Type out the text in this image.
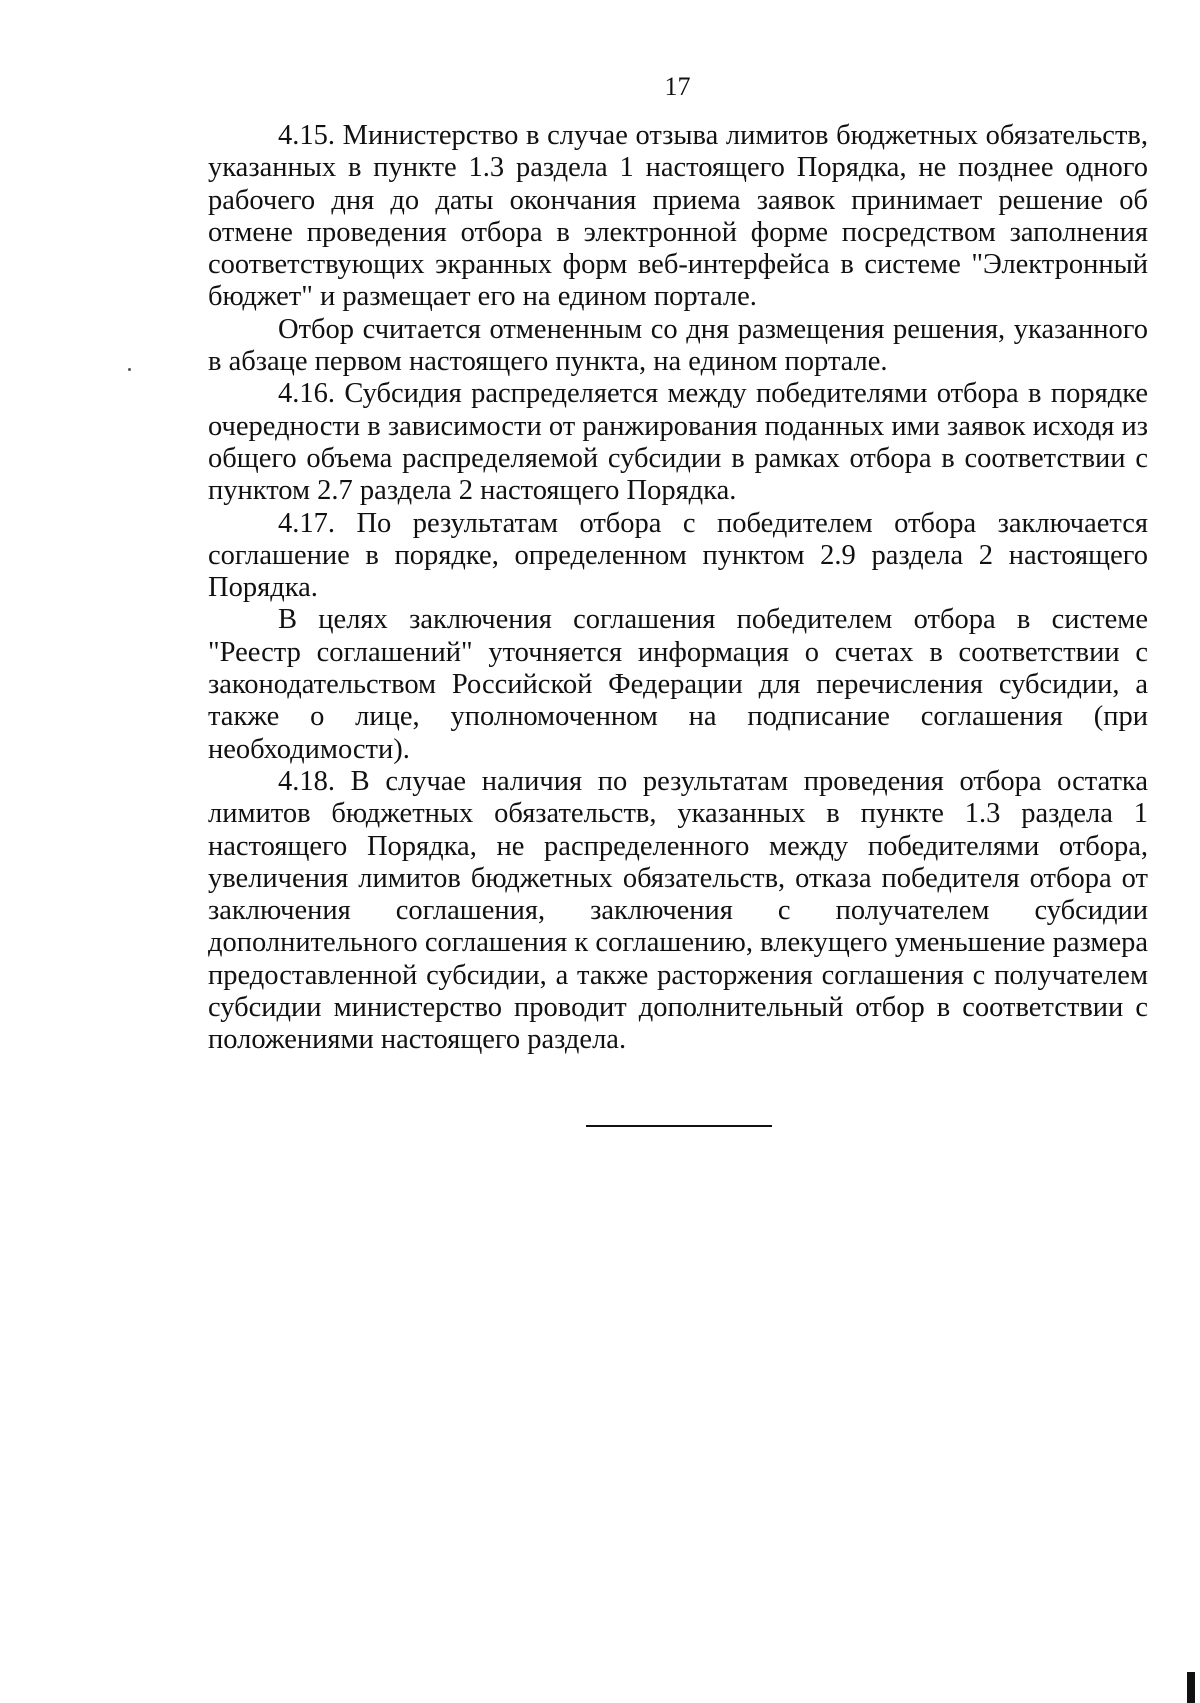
17

4.15. Министерство в случае отзыва лимитов бюджетных обязательств, указанных в пункте 1.3 раздела 1 настоящего Порядка, не позднее одного рабочего дня до даты окончания приема заявок принимает решение об отмене проведения отбора в электронной форме посредством заполнения соответствующих экранных форм веб-интерфейса в системе "Электронный бюджет" и размещает его на едином портале.

Отбор считается отмененным со дня размещения решения, указанного в абзаце первом настоящего пункта, на едином портале.

4.16. Субсидия распределяется между победителями отбора в порядке очередности в зависимости от ранжирования поданных ими заявок исходя из общего объема распределяемой субсидии в рамках отбора в соответствии с пунктом 2.7 раздела 2 настоящего Порядка.

4.17. По результатам отбора с победителем отбора заключается соглашение в порядке, определенном пунктом 2.9 раздела 2 настоящего Порядка.

В целях заключения соглашения победителем отбора в системе "Реестр соглашений" уточняется информация о счетах в соответствии с законодательством Российской Федерации для перечисления субсидии, а также о лице, уполномоченном на подписание соглашения (при необходимости).

4.18. В случае наличия по результатам проведения отбора остатка лимитов бюджетных обязательств, указанных в пункте 1.3 раздела 1 настоящего Порядка, не распределенного между победителями отбора, увеличения лимитов бюджетных обязательств, отказа победителя отбора от заключения соглашения, заключения с получателем субсидии дополнительного соглашения к соглашению, влекущего уменьшение размера предоставленной субсидии, а также расторжения соглашения с получателем субсидии министерство проводит дополнительный отбор в соответствии с положениями настоящего раздела.
